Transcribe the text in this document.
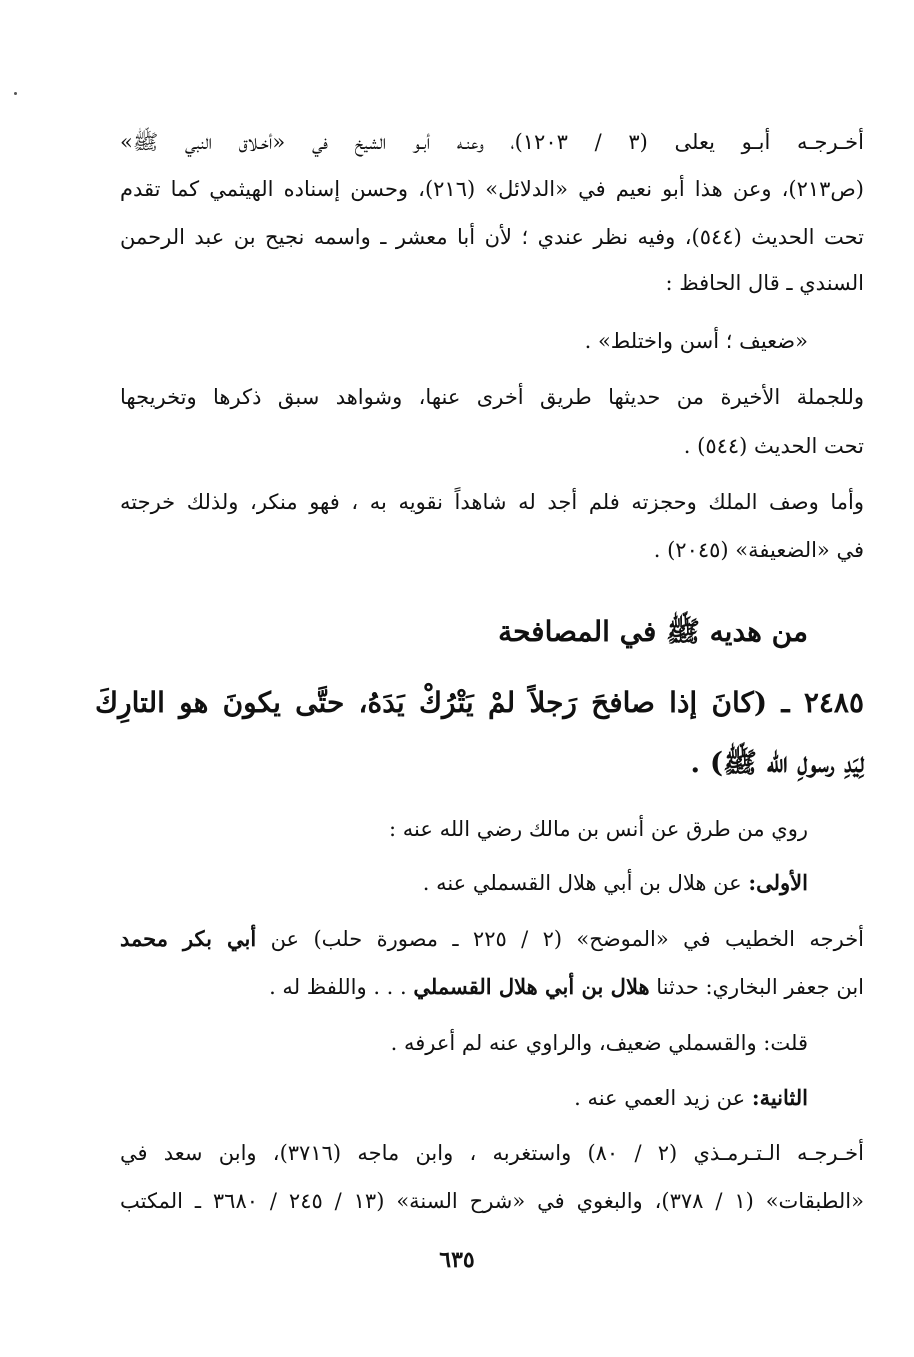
أخـرجـه أبـو يعلى (٣ / ١٢٠٣)، وعنـه أبـو الشيخ في «أخـلاق النبي ﷺ»
(ص٢١٣)، وعن هذا أبو نعيم في «الدلائل» (٢١٦)، وحسن إسناده الهيثمي كما تقدم
تحت الحديث (٥٤٤)، وفيه نظر عندي ؛ لأن أبا معشر ـ واسمه نجيح بن عبد الرحمن
السندي ـ قال الحافظ :
«ضعيف ؛ أسن واختلط» .
وللجملة الأخيرة من حديثها طريق أخرى عنها، وشواهد سبق ذكرها وتخريجها
تحت الحديث (٥٤٤) .
وأما وصف الملك وحجزته فلم أجد له شاهداً نقويه به ، فهو منكر، ولذلك خرجته
في «الضعيفة» (٢٠٤٥) .
من هديه ﷺ في المصافحة
٢٤٨٥ ـ (كانَ إذا صافحَ رَجلاً لمْ يَتْرُكْ يَدَهُ، حتَّى يكونَ هو التارِكَ
لِيَدِ رسولِ الله ﷺ) .
روي من طرق عن أنس بن مالك رضي الله عنه :
الأولى: عن هلال بن أبي هلال القسملي عنه .
أخرجه الخطيب في «الموضح» (٢ / ٢٢٥ ـ مصورة حلب) عن أبي بكر محمد
ابن جعفر البخاري: حدثنا هلال بن أبي هلال القسملي . . . واللفظ له .
قلت: والقسملي ضعيف، والراوي عنه لم أعرفه .
الثانية: عن زيد العمي عنه .
أخـرجـه الـتـرمـذي (٢ / ٨٠) واستغربه ، وابن ماجه (٣٧١٦)، وابن سعد في
«الطبقات» (١ / ٣٧٨)، والبغوي في «شرح السنة» (١٣ / ٢٤٥ / ٣٦٨٠ ـ المكتب
٦٣٥
